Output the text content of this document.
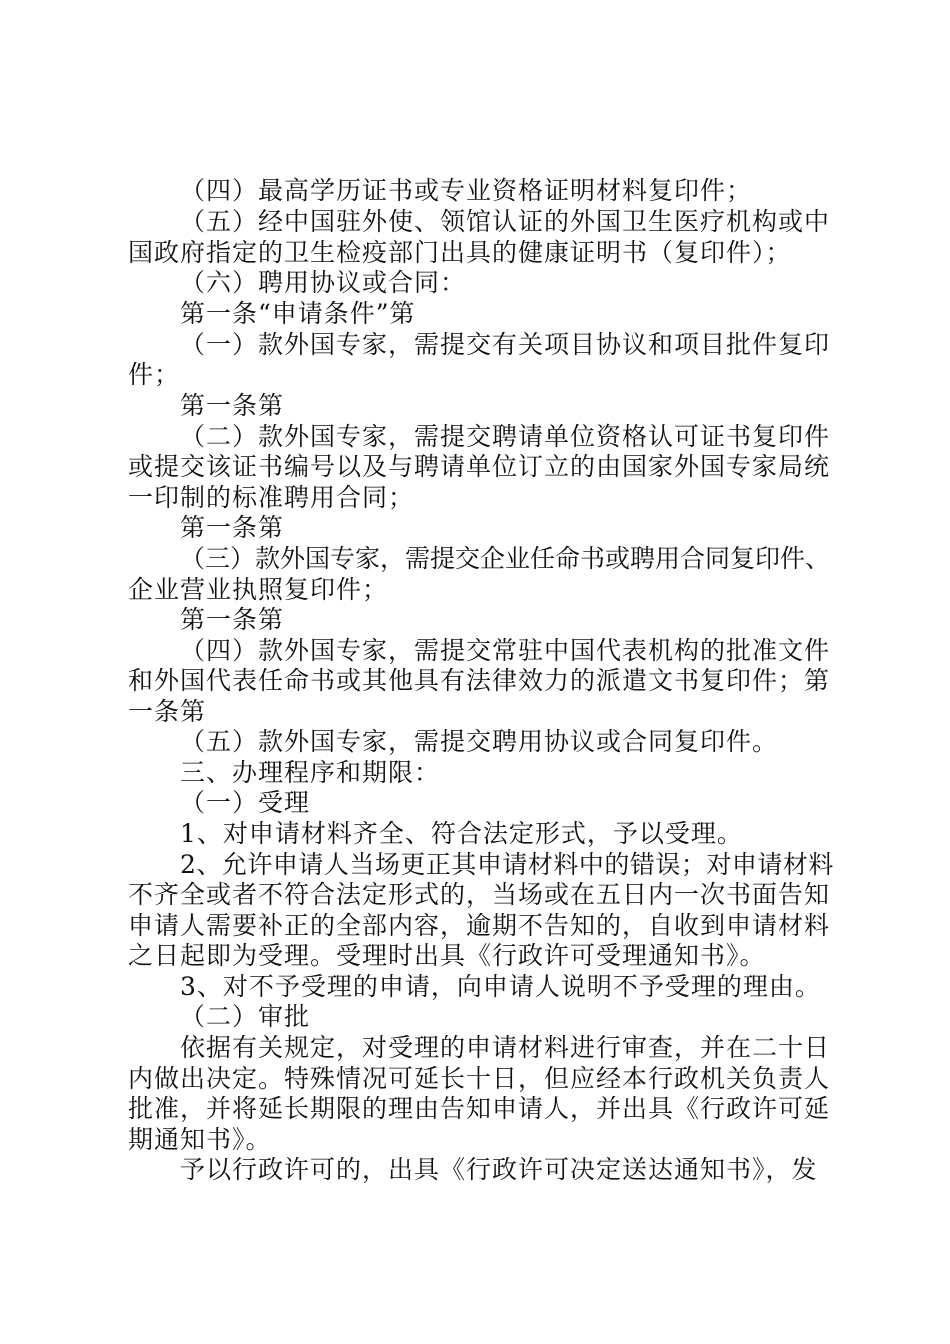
（四）最高学历证书或专业资格证明材料复印件；
（五）经中国驻外使、领馆认证的外国卫生医疗机构或中
国政府指定的卫生检疫部门出具的健康证明书（复印件）；
（六）聘用协议或合同：
第一条“申请条件”第
（一）款外国专家，需提交有关项目协议和项目批件复印
件；
第一条第
（二）款外国专家，需提交聘请单位资格认可证书复印件
或提交该证书编号以及与聘请单位订立的由国家外国专家局统
一印制的标准聘用合同；
第一条第
（三）款外国专家，需提交企业任命书或聘用合同复印件、
企业营业执照复印件；
第一条第
（四）款外国专家，需提交常驻中国代表机构的批准文件
和外国代表任命书或其他具有法律效力的派遣文书复印件；第
一条第
（五）款外国专家，需提交聘用协议或合同复印件。
三、办理程序和期限：
（一）受理
1、对申请材料齐全、符合法定形式，予以受理。
2、允许申请人当场更正其申请材料中的错误；对申请材料
不齐全或者不符合法定形式的，当场或在五日内一次书面告知
申请人需要补正的全部内容，逾期不告知的，自收到申请材料
之日起即为受理。受理时出具《行政许可受理通知书》。
3、对不予受理的申请，向申请人说明不予受理的理由。
（二）审批
依据有关规定，对受理的申请材料进行审查，并在二十日
内做出决定。特殊情况可延长十日，但应经本行政机关负责人
批准，并将延长期限的理由告知申请人，并出具《行政许可延
期通知书》。
予以行政许可的，出具《行政许可决定送达通知书》，发
